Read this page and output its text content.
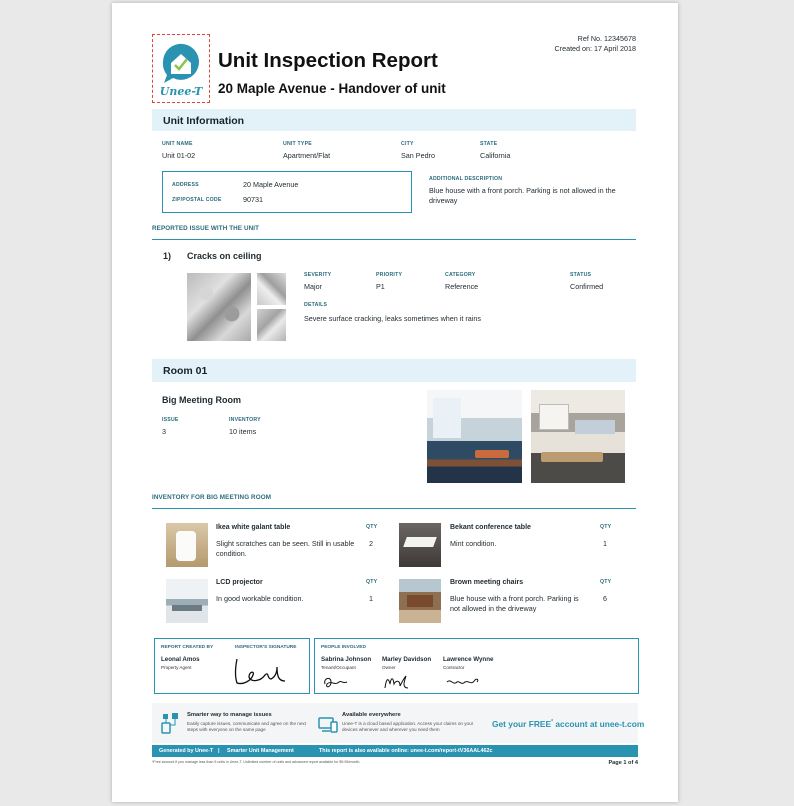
Unee-T
Unit Inspection Report
20 Maple Avenue - Handover of unit
Ref No. 12345678
Created on: 17 April 2018
Unit Information
UNIT NAME
Unit 01-02
UNIT TYPE
Apartment/Flat
CITY
San Pedro
STATE
California
ADDRESS	20 Maple Avenue
ZIP/POSTAL CODE	90731
ADDITIONAL DESCRIPTION
Blue house with a front porch. Parking is not allowed in the driveway
REPORTED ISSUE WITH THE UNIT
1) Cracks on ceiling
SEVERITY
Major
PRIORITY
P1
CATEGORY
Reference
STATUS
Confirmed
DETAILS
Severe surface cracking, leaks sometimes when it rains
Room 01
Big Meeting Room
ISSUE
3
INVENTORY
10 items
INVENTORY FOR BIG MEETING ROOM
Ikea white galant table
Slight scratches can be seen. Still in usable condition.
QTY
2
Bekant conference table
Mint condition.
QTY
1
LCD projector
In good workable condition.
QTY
1
Brown meeting chairs
Blue house with a front porch. Parking is not allowed in the driveway
QTY
6
REPORT CREATED BY	INSPECTOR'S SIGNATURE
Leonal Amos
Property Agent
PEOPLE INVOLVED
Sabrina Johnson
Tenant/Occupant
Marley Davidson
Owner
Lawrence Wynne
Contractor
Smarter way to manage issues
Easily capture issues, communicate and agree on the next steps with everyone on the same page
Available everywhere
Unee-T is a cloud based application. Access your claims on your devices whenever and wherever you need them
Get your FREE* account at unee-t.com
Generated by Unee-T | Smarter Unit Management	This report is also available online: unee-t.com/report-tV36AAL462c
*Free account if you manage less than 5 units in Unee-T. Unlimited number of units and advanced report available for $9.95/month.	Page 1 of 4
